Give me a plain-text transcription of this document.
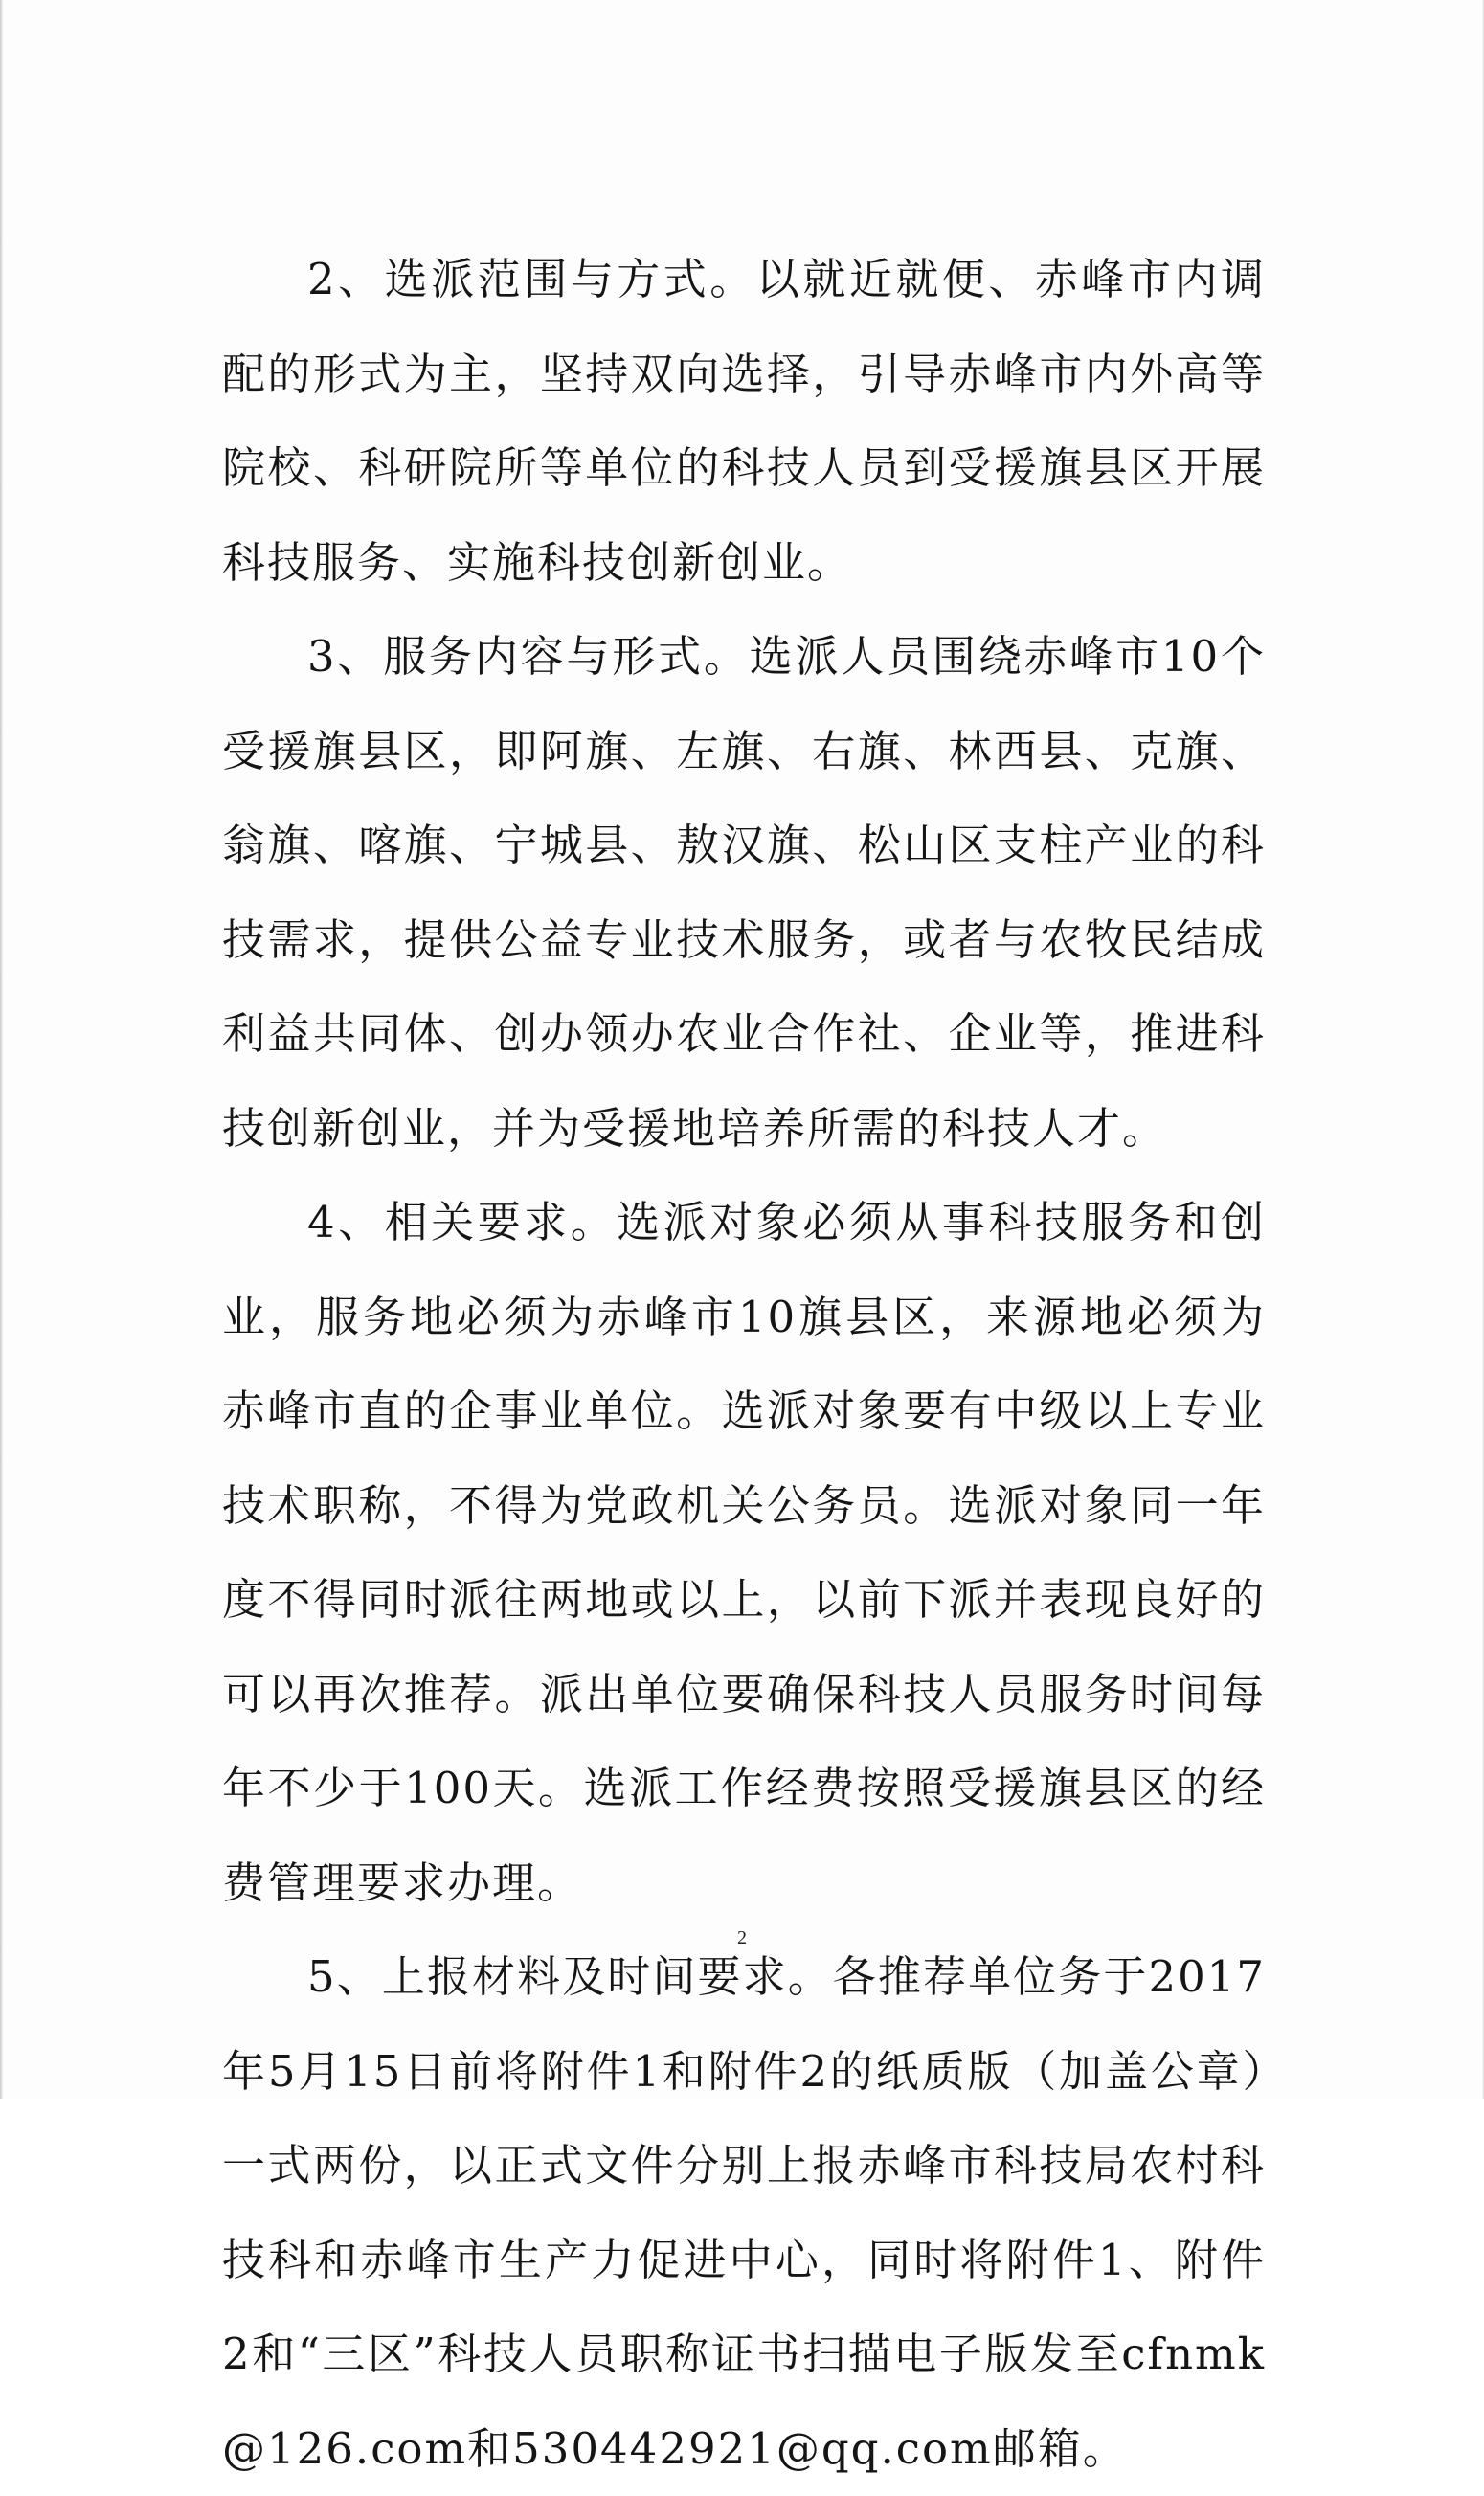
2、选派范围与方式。以就近就便、赤峰市内调配的形式为主，坚持双向选择，引导赤峰市内外高等院校、科研院所等单位的科技人员到受援旗县区开展科技服务、实施科技创新创业。

3、服务内容与形式。选派人员围绕赤峰市10个受援旗县区，即阿旗、左旗、右旗、林西县、克旗、翁旗、喀旗、宁城县、敖汉旗、松山区支柱产业的科技需求，提供公益专业技术服务，或者与农牧民结成利益共同体、创办领办农业合作社、企业等，推进科技创新创业，并为受援地培养所需的科技人才。

4、相关要求。选派对象必须从事科技服务和创业，服务地必须为赤峰市10旗县区，来源地必须为赤峰市直的企事业单位。选派对象要有中级以上专业技术职称，不得为党政机关公务员。选派对象同一年度不得同时派往两地或以上，以前下派并表现良好的可以再次推荐。派出单位要确保科技人员服务时间每年不少于100天。选派工作经费按照受援旗县区的经费管理要求办理。

5、上报材料及时间要求。各推荐单位务于2017年5月15日前将附件1和附件2的纸质版（加盖公章）一式两份，以正式文件分别上报赤峰市科技局农村科技科和赤峰市生产力促进中心，同时将附件1、附件2和“三区”科技人员职称证书扫描电子版发至cfnmk@126.com和530442921@qq.com邮箱。

2
